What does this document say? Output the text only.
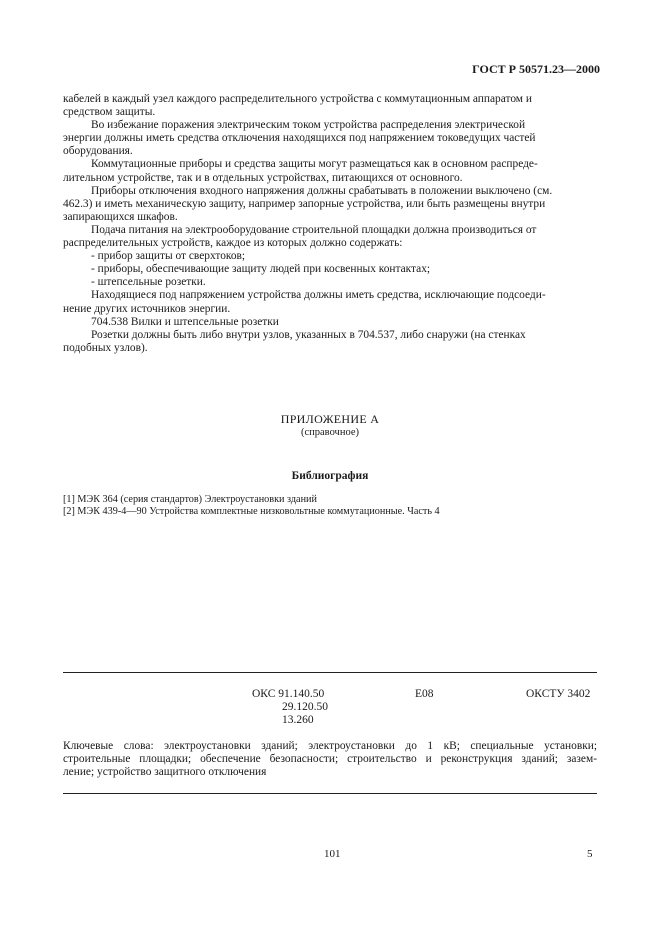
ГОСТ Р 50571.23—2000

кабелей в каждый узел каждого распределительного устройства с коммутационным аппаратом и

средством защиты.

Во избежание поражения электрическим током устройства распределения электрической

энергии должны иметь средства отключения находящихся под напряжением токоведущих частей

оборудования.

Коммутационные приборы и средства защиты могут размещаться как в основном распреде-

лительном устройстве, так и в отдельных устройствах, питающихся от основного.

Приборы отключения входного напряжения должны срабатывать в положении выключено (см.

462.3) и иметь механическую защиту, например запорные устройства, или быть размещены внутри

запирающихся шкафов.

Подача питания на электрооборудование строительной площадки должна производиться от

распределительных устройств, каждое из которых должно содержать:

- прибор защиты от сверхтоков;

- приборы, обеспечивающие защиту людей при косвенных контактах;

- штепсельные розетки.

Находящиеся под напряжением устройства должны иметь средства, исключающие подсоеди-

нение других источников энергии.

704.538 Вилки и штепсельные розетки

Розетки должны быть либо внутри узлов, указанных в 704.537, либо снаружи (на стенках

подобных узлов).

ПРИЛОЖЕНИЕ А
(справочное)
Библиография
[1] МЭК 364 (серия стандартов) Электроустановки зданий
[2] МЭК 439-4—90 Устройства комплектные низковольтные коммутационные. Часть 4
ОКС 91.140.50
29.120.50
13.260
Е08	ОКСТУ 3402
Ключевые слова: электроустановки зданий; электроустановки до 1 кВ; специальные установки;
строительные площадки; обеспечение безопасности; строительство и реконструкция зданий; зазем-
ление; устройство защитного отключения
101	5
